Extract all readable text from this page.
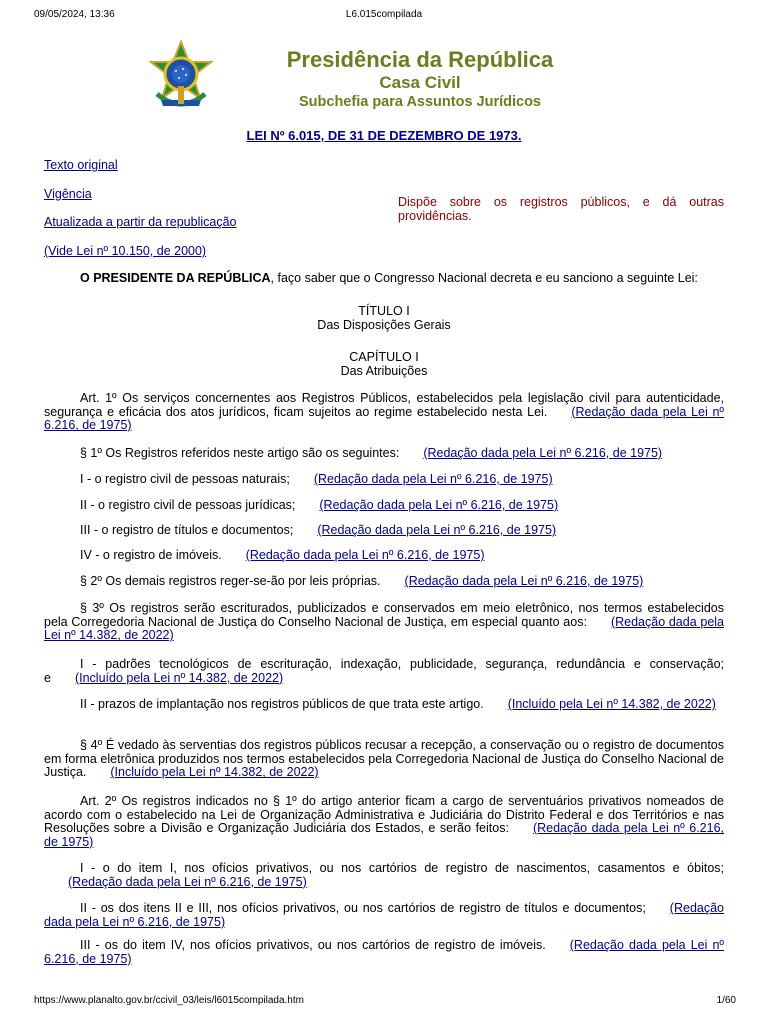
09/05/2024, 13:36	L6.015compilada
Presidência da República
Casa Civil
Subchefia para Assuntos Jurídicos
LEI Nº 6.015, DE 31 DE DEZEMBRO DE 1973.
Texto original
Vigência
Atualizada a partir da republicação
(Vide Lei nº 10.150, de 2000)
Dispõe sobre os registros públicos, e dá outras providências.
O PRESIDENTE DA REPÚBLICA, faço saber que o Congresso Nacional decreta e eu sanciono a seguinte Lei:
TÍTULO I
Das Disposições Gerais
CAPÍTULO I
Das Atribuições
Art. 1º Os serviços concernentes aos Registros Públicos, estabelecidos pela legislação civil para autenticidade, segurança e eficácia dos atos jurídicos, ficam sujeitos ao regime estabelecido nesta Lei. (Redação dada pela Lei nº 6.216, de 1975)
§ 1º Os Registros referidos neste artigo são os seguintes: (Redação dada pela Lei nº 6.216, de 1975)
I - o registro civil de pessoas naturais; (Redação dada pela Lei nº 6.216, de 1975)
II - o registro civil de pessoas jurídicas; (Redação dada pela Lei nº 6.216, de 1975)
III - o registro de títulos e documentos; (Redação dada pela Lei nº 6.216, de 1975)
IV - o registro de imóveis. (Redação dada pela Lei nº 6.216, de 1975)
§ 2º Os demais registros reger-se-ão por leis próprias. (Redação dada pela Lei nº 6.216, de 1975)
§ 3º Os registros serão escriturados, publicizados e conservados em meio eletrônico, nos termos estabelecidos pela Corregedoria Nacional de Justiça do Conselho Nacional de Justiça, em especial quanto aos: (Redação dada pela Lei nº 14.382, de 2022)
I - padrões tecnológicos de escrituração, indexação, publicidade, segurança, redundância e conservação; e (Incluído pela Lei nº 14.382, de 2022)
II - prazos de implantação nos registros públicos de que trata este artigo. (Incluído pela Lei nº 14.382, de 2022)
§ 4º É vedado às serventias dos registros públicos recusar a recepção, a conservação ou o registro de documentos em forma eletrônica produzidos nos termos estabelecidos pela Corregedoria Nacional de Justiça do Conselho Nacional de Justiça. (Incluído pela Lei nº 14.382, de 2022)
Art. 2º Os registros indicados no § 1º do artigo anterior ficam a cargo de serventuários privativos nomeados de acordo com o estabelecido na Lei de Organização Administrativa e Judiciária do Distrito Federal e dos Territórios e nas Resoluções sobre a Divisão e Organização Judiciária dos Estados, e serão feitos: (Redação dada pela Lei nº 6.216, de 1975)
I - o do item I, nos ofícios privativos, ou nos cartórios de registro de nascimentos, casamentos e óbitos;(Redação dada pela Lei nº 6.216, de 1975)
II - os dos itens II e III, nos ofícios privativos, ou nos cartórios de registro de títulos e documentos; (Redação dada pela Lei nº 6.216, de 1975)
III - os do item IV, nos ofícios privativos, ou nos cartórios de registro de imóveis. (Redação dada pela Lei nº 6.216, de 1975)
https://www.planalto.gov.br/ccivil_03/leis/l6015compilada.htm	1/60
